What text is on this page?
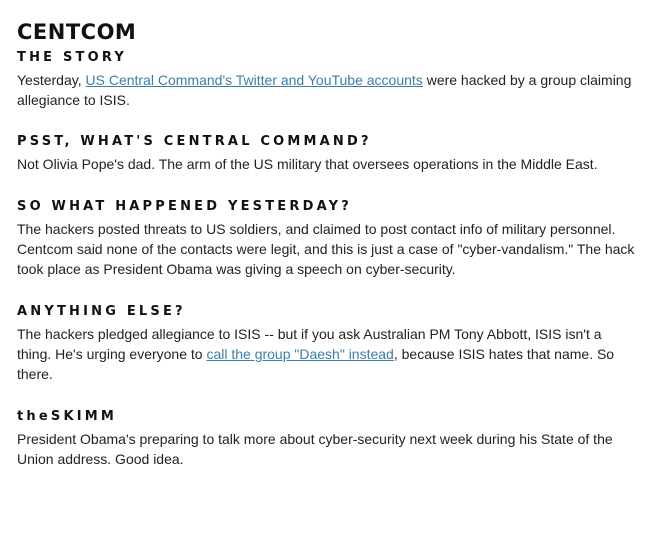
CENTCOM
THE STORY

Yesterday, US Central Command's Twitter and YouTube accounts were hacked by a group claiming allegiance to ISIS.

PSST, WHAT'S CENTRAL COMMAND?

Not Olivia Pope's dad. The arm of the US military that oversees operations in the Middle East.

SO WHAT HAPPENED YESTERDAY?

The hackers posted threats to US soldiers, and claimed to post contact info of military personnel. Centcom said none of the contacts were legit, and this is just a case of "cyber-vandalism." The hack took place as President Obama was giving a speech on cyber-security.

ANYTHING ELSE?

The hackers pledged allegiance to ISIS -- but if you ask Australian PM Tony Abbott, ISIS isn't a thing. He's urging everyone to call the group "Daesh" instead, because ISIS hates that name. So there.

theSKIMM

President Obama's preparing to talk more about cyber-security next week during his State of the Union address. Good idea.
